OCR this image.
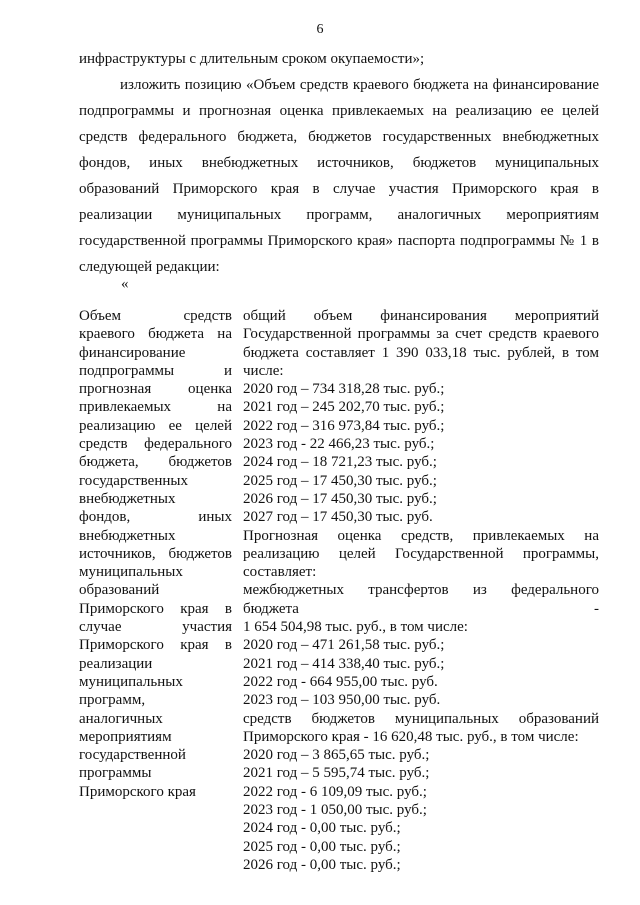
6
инфраструктуры с длительным сроком окупаемости»;
изложить позицию «Объем средств краевого бюджета на финансирование подпрограммы и прогнозная оценка привлекаемых на реализацию ее целей средств федерального бюджета, бюджетов государственных внебюджетных фондов, иных внебюджетных источников, бюджетов муниципальных образований Приморского края в случае участия Приморского края в реализации муниципальных программ, аналогичных мероприятиям государственной программы Приморского края» паспорта подпрограммы № 1 в следующей редакции:
«
Объем средств
краевого бюджета на
финансирование
подпрограммы и
прогнозная оценка
привлекаемых на
реализацию ее целей
средств федерального
бюджета, бюджетов
государственных
внебюджетных
фондов, иных
внебюджетных
источников, бюджетов
муниципальных
образований
Приморского края в
случае участия
Приморского края в
реализации
муниципальных
программ,
аналогичных
мероприятиям
государственной
программы
Приморского края
общий объем финансирования мероприятий
Государственной программы за счет средств краевого
бюджета составляет 1 390 033,18 тыс. рублей, в том
числе:
2020 год – 734 318,28 тыс. руб.;
2021 год – 245 202,70 тыс. руб.;
2022 год – 316 973,84 тыс. руб.;
2023 год - 22 466,23 тыс. руб.;
2024 год – 18 721,23 тыс. руб.;
2025 год – 17 450,30 тыс. руб.;
2026 год – 17 450,30 тыс. руб.;
2027 год – 17 450,30 тыс. руб.
Прогнозная оценка средств, привлекаемых на
реализацию целей Государственной программы,
составляет:
межбюджетных трансфертов из федерального
бюджета -
1 654 504,98 тыс. руб., в том числе:
2020 год – 471 261,58 тыс. руб.;
2021 год – 414 338,40 тыс. руб.;
2022 год - 664 955,00 тыс. руб.
2023 год – 103 950,00 тыс. руб.
средств бюджетов муниципальных образований
Приморского края - 16 620,48 тыс. руб., в том числе:
2020 год – 3 865,65 тыс. руб.;
2021 год – 5 595,74 тыс. руб.;
2022 год - 6 109,09 тыс. руб.;
2023 год - 1 050,00 тыс. руб.;
2024 год - 0,00 тыс. руб.;
2025 год - 0,00 тыс. руб.;
2026 год - 0,00 тыс. руб.;
